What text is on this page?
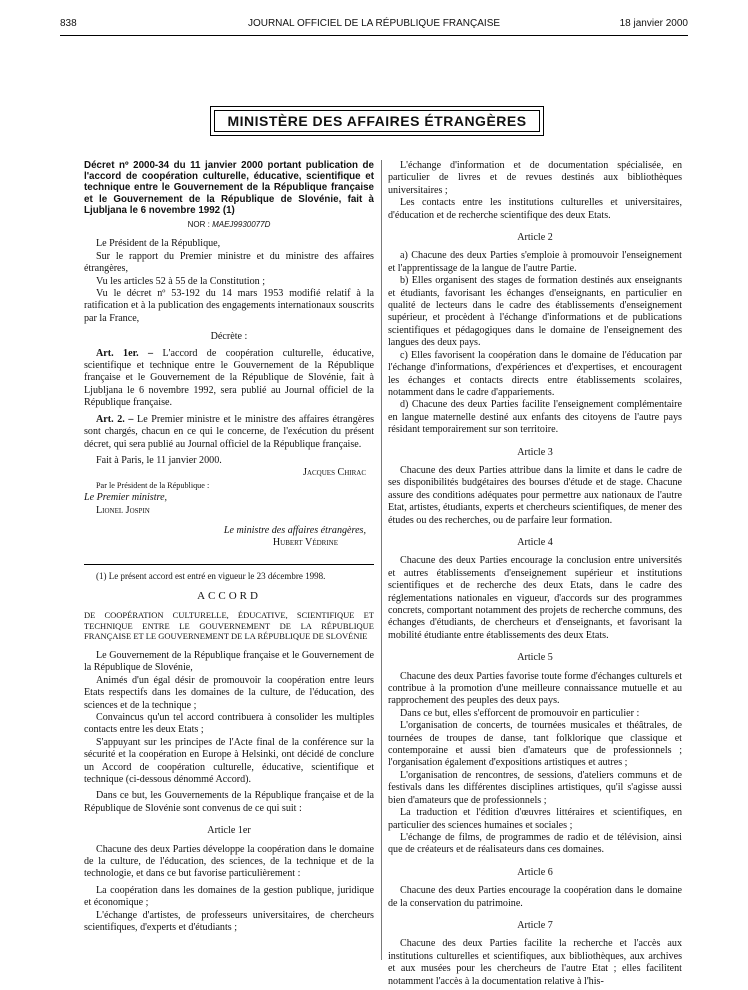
838	JOURNAL OFFICIEL DE LA RÉPUBLIQUE FRANÇAISE	18 janvier 2000
MINISTÈRE DES AFFAIRES ÉTRANGÈRES

Décret nº 2000-34 du 11 janvier 2000 portant publication de l'accord de coopération culturelle, éducative, scientifique et technique entre le Gouvernement de la République française et le Gouvernement de la République de Slovénie, fait à Ljubljana le 6 novembre 1992 (1)

NOR : MAEJ9930077D

Le Président de la République,

Sur le rapport du Premier ministre et du ministre des affaires étrangères,

Vu les articles 52 à 55 de la Constitution ;

Vu le décret nº 53-192 du 14 mars 1953 modifié relatif à la ratification et à la publication des engagements internationaux souscrits par la France,

Décrète :

Art. 1er. – L'accord de coopération culturelle, éducative, scientifique et technique entre le Gouvernement de la République française et le Gouvernement de la République de Slovénie, fait à Ljubljana le 6 novembre 1992, sera publié au Journal officiel de la République française.

Art. 2. – Le Premier ministre et le ministre des affaires étrangères sont chargés, chacun en ce qui le concerne, de l'exécution du présent décret, qui sera publié au Journal officiel de la République française.

Fait à Paris, le 11 janvier 2000.

Jacques Chirac

Par le Président de la République :

Le Premier ministre,

Lionel Jospin

Le ministre des affaires étrangères,

Hubert Védrine

(1) Le présent accord est entré en vigueur le 23 décembre 1998.

ACCORD

DE COOPÉRATION CULTURELLE, ÉDUCATIVE, SCIENTIFIQUE ET TECHNIQUE ENTRE LE GOUVERNEMENT DE LA RÉPUBLIQUE FRANÇAISE ET LE GOUVERNEMENT DE LA RÉPUBLIQUE DE SLOVÉNIE

Le Gouvernement de la République française et le Gouvernement de la République de Slovénie,

Animés d'un égal désir de promouvoir la coopération entre leurs Etats respectifs dans les domaines de la culture, de l'éducation, des sciences et de la technique ;

Convaincus qu'un tel accord contribuera à consolider les multiples contacts entre les deux Etats ;

S'appuyant sur les principes de l'Acte final de la conférence sur la sécurité et la coopération en Europe à Helsinki, ont décidé de conclure un Accord de coopération culturelle, éducative, scientifique et technique (ci-dessous dénommé Accord).

Dans ce but, les Gouvernements de la République française et de la République de Slovénie sont convenus de ce qui suit :

Article 1er

Chacune des deux Parties développe la coopération dans le domaine de la culture, de l'éducation, des sciences, de la technique et de la technologie, et dans ce but favorise particulièrement :

La coopération dans les domaines de la gestion publique, juridique et économique ;

L'échange d'artistes, de professeurs universitaires, de chercheurs scientifiques, d'experts et d'étudiants ;

L'échange d'information et de documentation spécialisée, en particulier de livres et de revues destinés aux bibliothèques universitaires ;

Les contacts entre les institutions culturelles et universitaires, d'éducation et de recherche scientifique des deux Etats.

Article 2

a) Chacune des deux Parties s'emploie à promouvoir l'enseignement et l'apprentissage de la langue de l'autre Partie.

b) Elles organisent des stages de formation destinés aux enseignants et étudiants, favorisant les échanges d'enseignants, en particulier en qualité de lecteurs dans le cadre des établissements d'enseignement supérieur, et procèdent à l'échange d'informations et de publications scientifiques et pédagogiques dans le domaine de l'enseignement des langues des deux pays.

c) Elles favorisent la coopération dans le domaine de l'éducation par l'échange d'informations, d'expériences et d'expertises, et encouragent les échanges et contacts directs entre établissements scolaires, notamment dans le cadre d'appariements.

d) Chacune des deux Parties facilite l'enseignement complémentaire en langue maternelle destiné aux enfants des citoyens de l'autre pays résidant temporairement sur son territoire.

Article 3

Chacune des deux Parties attribue dans la limite et dans le cadre de ses disponibilités budgétaires des bourses d'étude et de stage. Chacune assure des conditions adéquates pour permettre aux nationaux de l'autre Etat, artistes, étudiants, experts et chercheurs scientifiques, de mener des études ou des recherches, ou de parfaire leur formation.

Article 4

Chacune des deux Parties encourage la conclusion entre universités et autres établissements d'enseignement supérieur et institutions scientifiques et de recherche des deux Etats, dans le cadre des réglementations nationales en vigueur, d'accords sur des programmes concrets, comportant notamment des projets de recherche communs, des échanges d'étudiants, de chercheurs et d'enseignants, et favorisant la mobilité étudiante entre établissements des deux Etats.

Article 5

Chacune des deux Parties favorise toute forme d'échanges culturels et contribue à la promotion d'une meilleure connaissance mutuelle et au rapprochement des peuples des deux pays.

Dans ce but, elles s'efforcent de promouvoir en particulier :

L'organisation de concerts, de tournées musicales et théâtrales, de tournées de troupes de danse, tant folklorique que classique et contemporaine et aussi bien d'amateurs que de professionnels ; l'organisation également d'expositions artistiques et autres ;

L'organisation de rencontres, de sessions, d'ateliers communs et de festivals dans les différentes disciplines artistiques, qu'il s'agisse aussi bien d'amateurs que de professionnels ;

La traduction et l'édition d'œuvres littéraires et scientifiques, en particulier des sciences humaines et sociales ;

L'échange de films, de programmes de radio et de télévision, ainsi que de créateurs et de réalisateurs dans ces domaines.

Article 6

Chacune des deux Parties encourage la coopération dans le domaine de la conservation du patrimoine.

Article 7

Chacune des deux Parties facilite la recherche et l'accès aux institutions culturelles et scientifiques, aux bibliothèques, aux archives et aux musées pour les chercheurs de l'autre Etat ; elles facilitent notamment l'accès à la documentation relative à l'his-
